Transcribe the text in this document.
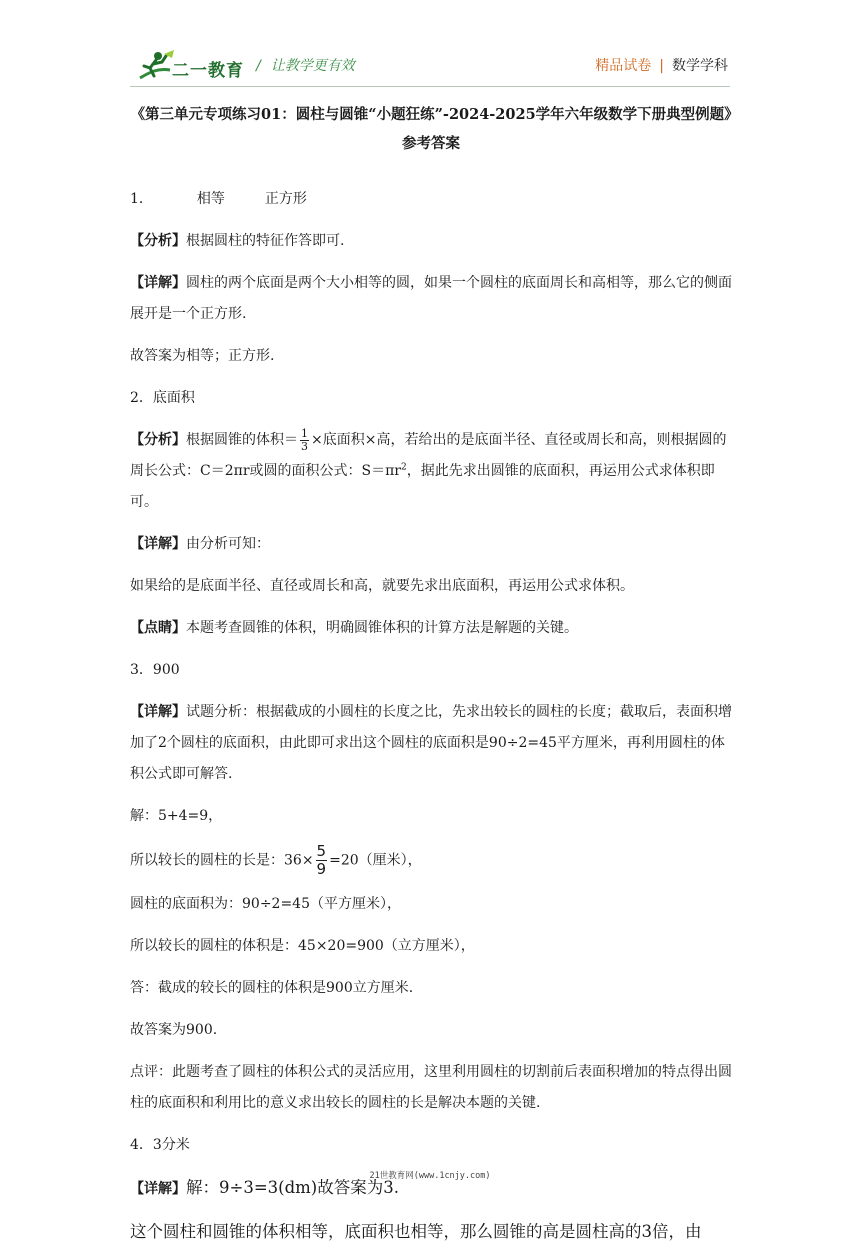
二一教育 / 让教学更有效	精品试卷 | 数学学科

《第三单元专项练习01：圆柱与圆锥“小题狂练”-2024-2025学年六年级数学下册典型例题》参考答案

1．	相等	正方形

【分析】根据圆柱的特征作答即可.

【详解】圆柱的两个底面是两个大小相等的圆，如果一个圆柱的底面周长和高相等，那么它的侧面展开是一个正方形.

故答案为相等；正方形.

2．底面积

【分析】根据圆锥的体积＝ $\frac{1}{3}$ ×底面积×高，若给出的是底面半径、直径或周长和高，则根据圆的周长公式：C＝2πr或圆的面积公式：$S=\pi r^2$，据此先求出圆锥的底面积，再运用公式求体积即可。

【详解】由分析可知：

如果给的是底面半径、直径或周长和高，就要先求出底面积，再运用公式求体积。

【点睛】本题考查圆锥的体积，明确圆锥体积的计算方法是解题的关键。

3．900

【详解】试题分析：根据截成的小圆柱的长度之比，先求出较长的圆柱的长度；截取后，表面积增加了2个圆柱的底面积，由此即可求出这个圆柱的底面积是90÷2=45平方厘米，再利用圆柱的体积公式即可解答.

解：5+4=9，

所以较长的圆柱的长是：$36\times \frac{5}{9} =20$（厘米），

圆柱的底面积为：90÷2=45（平方厘米），

所以较长的圆柱的体积是：45×20=900（立方厘米），

答：截成的较长的圆柱的体积是900立方厘米.

故答案为900.

点评：此题考查了圆柱的体积公式的灵活应用，这里利用圆柱的切割前后表面积增加的特点得出圆柱的底面积和利用比的意义求出较长的圆柱的长是解决本题的关键.

4．3分米

【详解】解：9÷3=3(dm)故答案为3.

这个圆柱和圆锥的体积相等，底面积也相等，那么圆锥的高是圆柱高的3倍，由

21世教育网(www.1cnjy.com)
